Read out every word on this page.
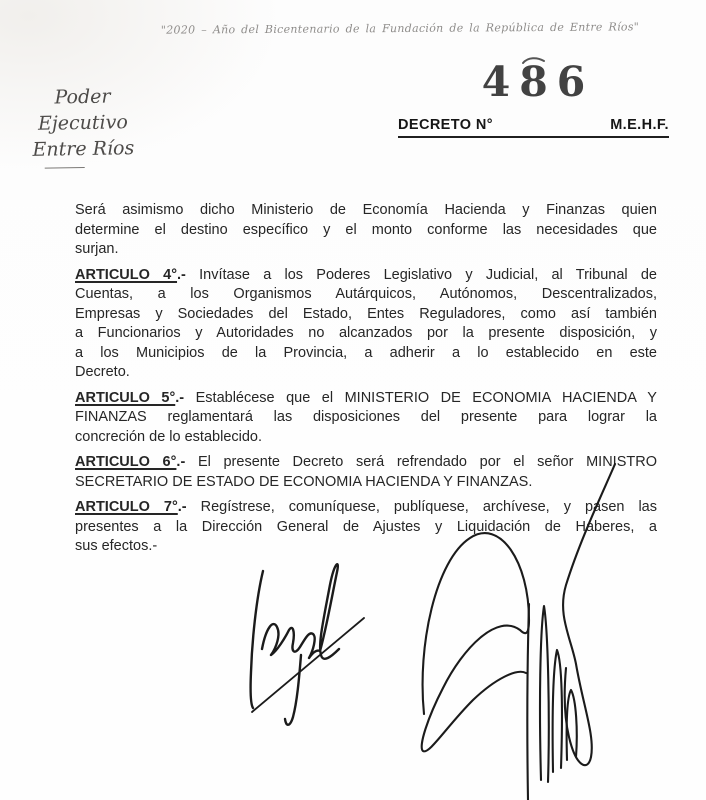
"2020 – Año del Bicentenario de la Fundación de la República de Entre Ríos"
Poder Ejecutivo
Entre Ríos
486
DECRETO N°	M.E.H.F.
Será asimismo dicho Ministerio de Economía Hacienda y Finanzas quien
determine el destino específico y el monto conforme las necesidades que
surjan.
ARTICULO 4°.- Invítase a los Poderes Legislativo y Judicial, al Tribunal de
Cuentas, a los Organismos Autárquicos, Autónomos, Descentralizados,
Empresas y Sociedades del Estado, Entes Reguladores, como así también
a Funcionarios y Autoridades no alcanzados por la presente disposición, y
a los Municipios de la Provincia, a adherir a lo establecido en este
Decreto.
ARTICULO 5°.- Establécese que el MINISTERIO DE ECONOMIA HACIENDA Y
FINANZAS reglamentará las disposiciones del presente para lograr la
concreción de lo establecido.
ARTICULO 6°.- El presente Decreto será refrendado por el señor MINISTRO
SECRETARIO DE ESTADO DE ECONOMIA HACIENDA Y FINANZAS.
ARTICULO 7°.- Regístrese, comuníquese, publíquese, archívese, y pasen las
presentes a la Dirección General de Ajustes y Liquidación de Haberes, a
sus efectos.-
